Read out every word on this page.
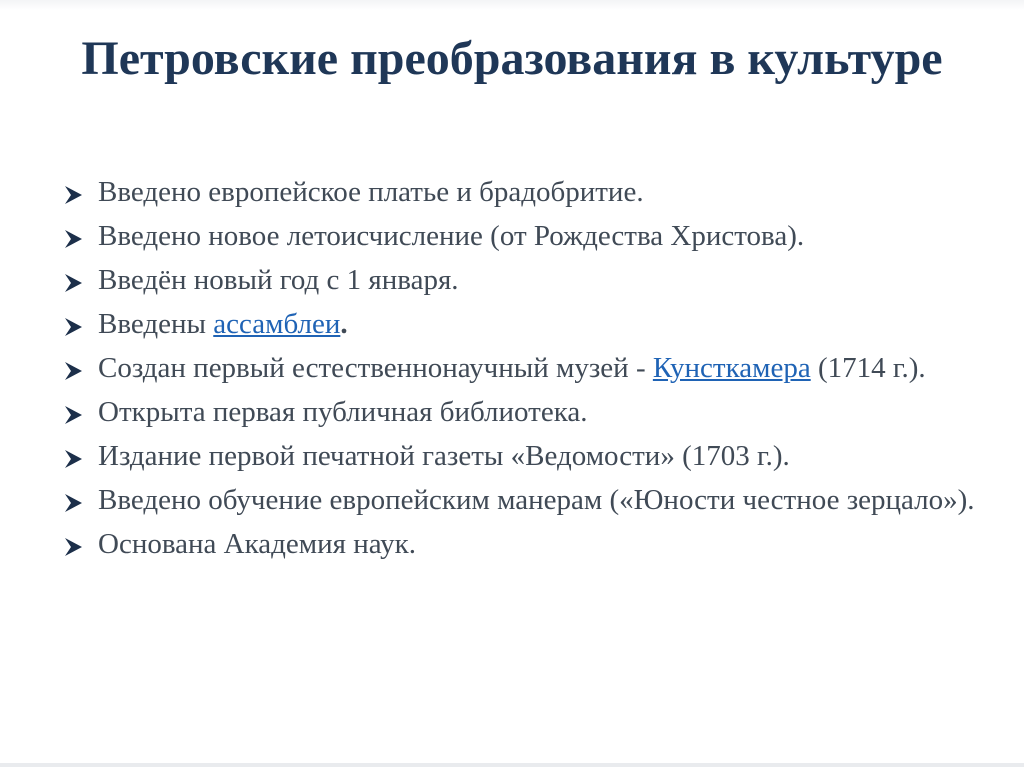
Петровские преобразования в культуре
Введено европейское платье и брадобритие.
Введено новое летоисчисление (от Рождества Христова).
Введён новый год с 1 января.
Введены ассамблеи.
Создан первый естественнонаучный музей - Кунсткамера (1714 г.).
Открыта первая публичная библиотека.
Издание первой печатной газеты «Ведомости» (1703 г.).
Введено обучение европейским манерам («Юности честное зерцало»).
Основана Академия наук.
